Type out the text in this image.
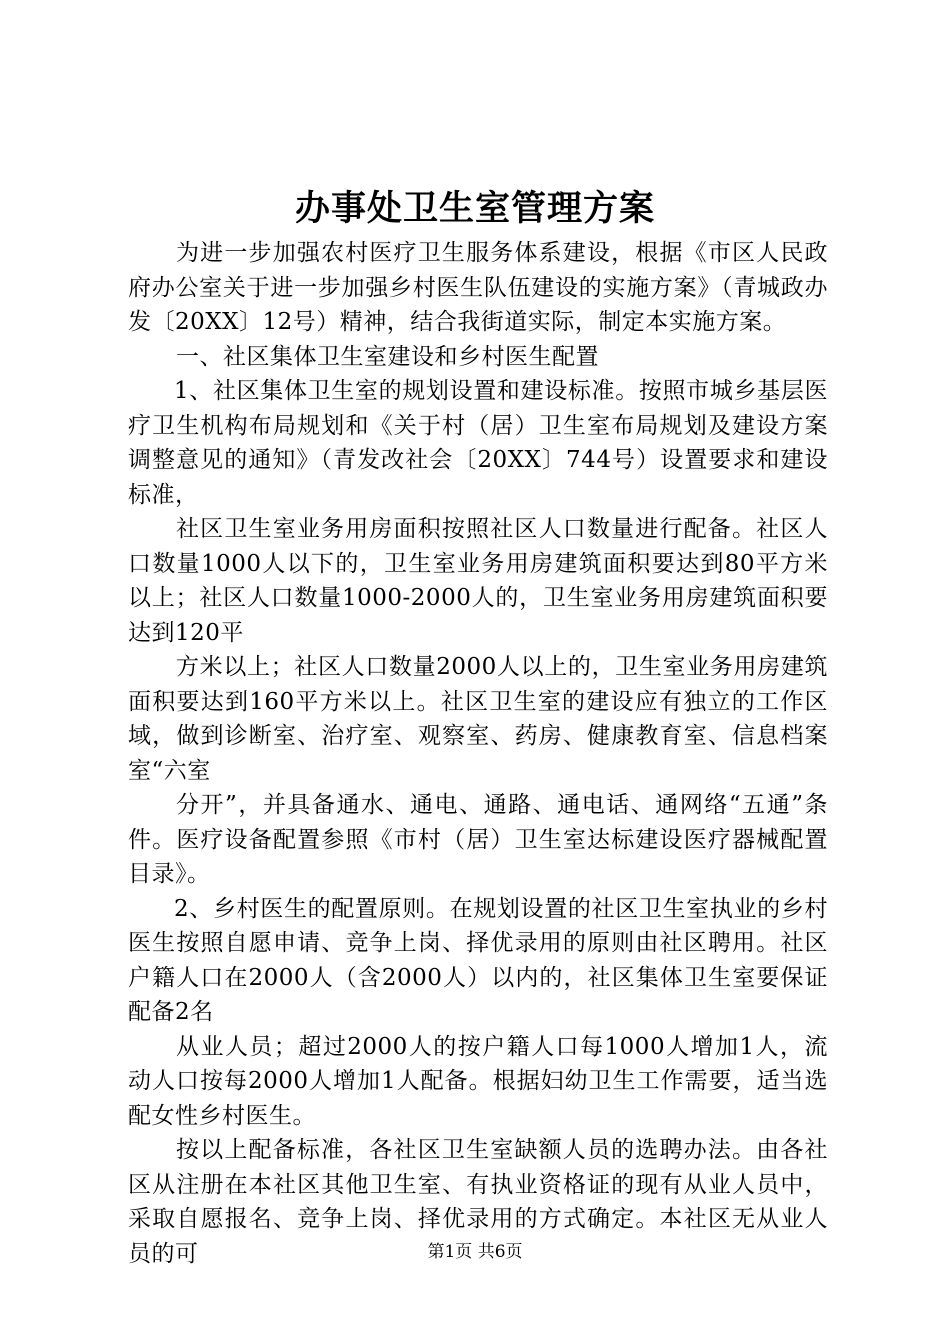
办事处卫生室管理方案

为进一步加强农村医疗卫生服务体系建设，根据《市区人民政府办公室关于进一步加强乡村医生队伍建设的实施方案》（青城政办发〔20XX〕12号）精神，结合我街道实际，制定本实施方案。

一、社区集体卫生室建设和乡村医生配置

1、社区集体卫生室的规划设置和建设标准。按照市城乡基层医疗卫生机构布局规划和《关于村（居）卫生室布局规划及建设方案调整意见的通知》（青发改社会〔20XX〕744号）设置要求和建设标准，

社区卫生室业务用房面积按照社区人口数量进行配备。社区人口数量1000人以下的，卫生室业务用房建筑面积要达到80平方米以上；社区人口数量1000-2000人的，卫生室业务用房建筑面积要达到120平

方米以上；社区人口数量2000人以上的，卫生室业务用房建筑面积要达到160平方米以上。社区卫生室的建设应有独立的工作区域，做到诊断室、治疗室、观察室、药房、健康教育室、信息档案室“六室

分开”，并具备通水、通电、通路、通电话、通网络“五通”条件。医疗设备配置参照《市村（居）卫生室达标建设医疗器械配置目录》。

2、乡村医生的配置原则。在规划设置的社区卫生室执业的乡村医生按照自愿申请、竞争上岗、择优录用的原则由社区聘用。社区户籍人口在2000人（含2000人）以内的，社区集体卫生室要保证配备2名

从业人员；超过2000人的按户籍人口每1000人增加1人，流动人口按每2000人增加1人配备。根据妇幼卫生工作需要，适当选配女性乡村医生。

按以上配备标准，各社区卫生室缺额人员的选聘办法。由各社区从注册在本社区其他卫生室、有执业资格证的现有从业人员中，采取自愿报名、竞争上岗、择优录用的方式确定。本社区无从业人员的可	第1页 共6页
